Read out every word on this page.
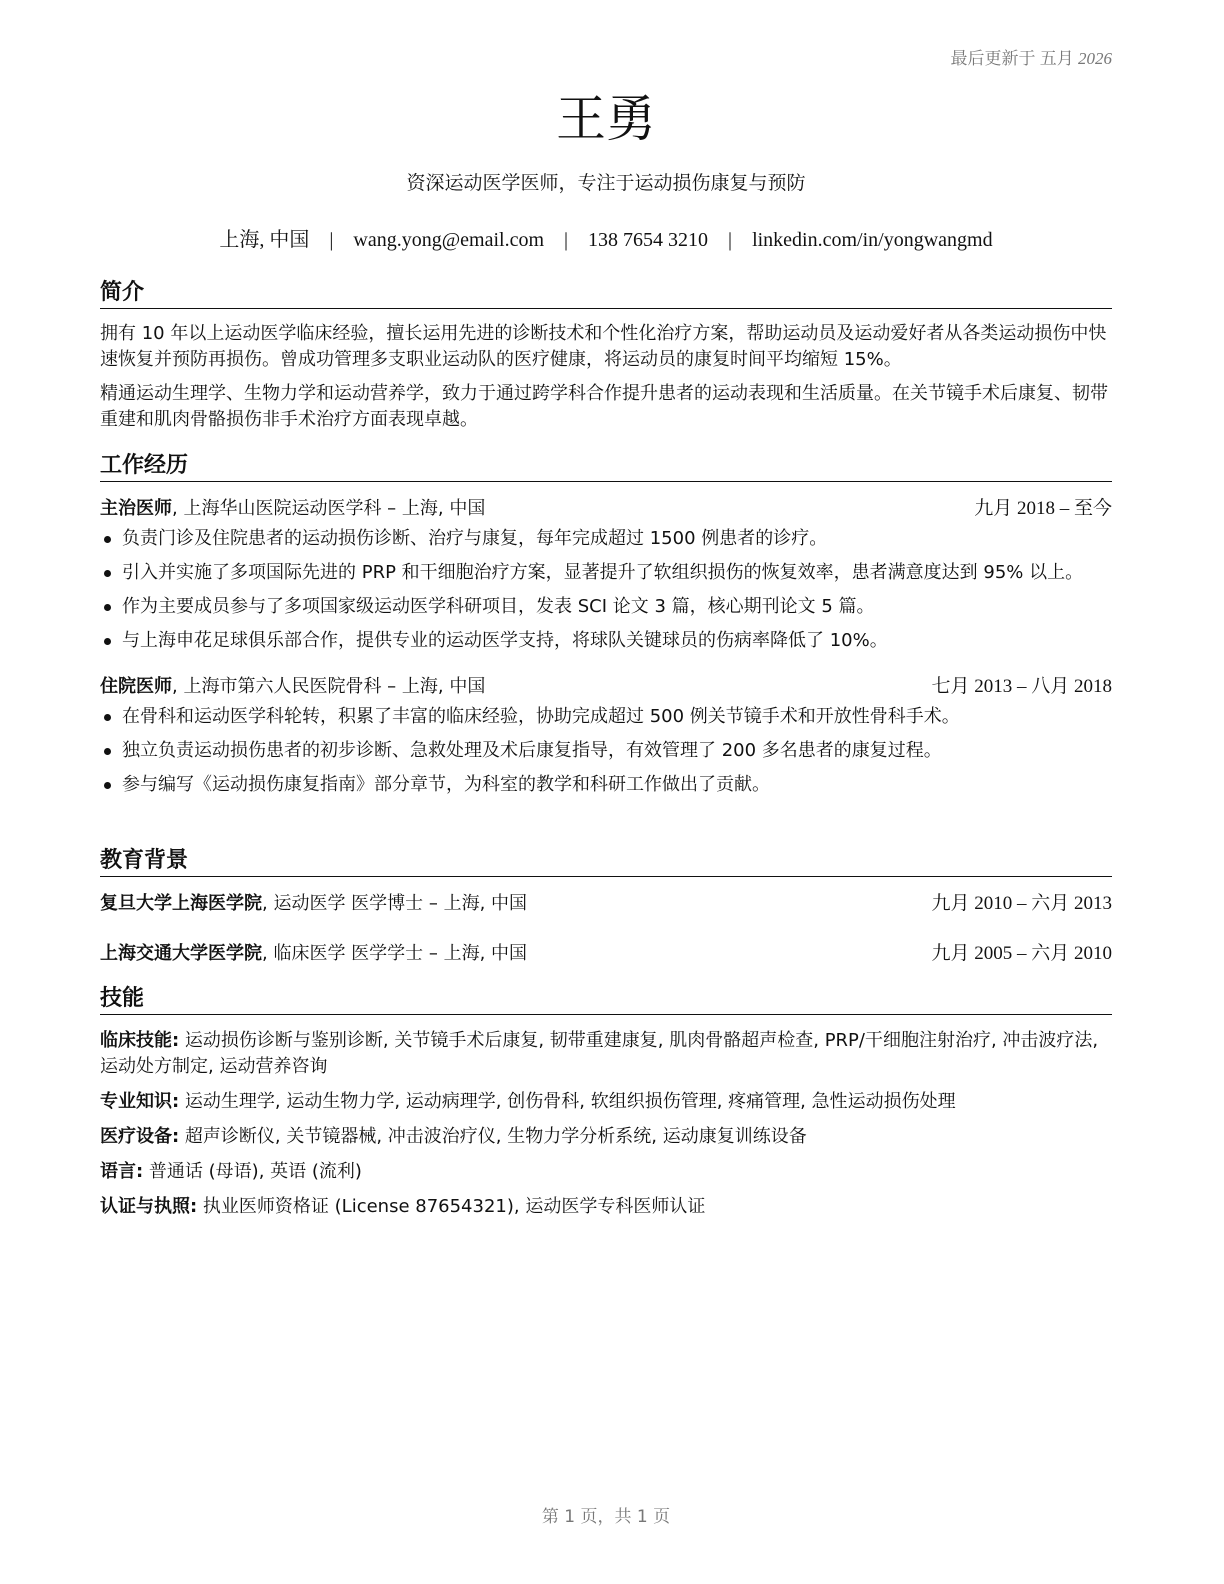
最后更新于 五月 2026
王勇
资深运动医学医师，专注于运动损伤康复与预防
上海, 中国 | wang.yong@email.com | 138 7654 3210 | linkedin.com/in/yongwangmd
简介

拥有 10 年以上运动医学临床经验，擅长运用先进的诊断技术和个性化治疗方案，帮助运动员及运动爱好者从各类运动损伤中快速恢复并预防再损伤。曾成功管理多支职业运动队的医疗健康，将运动员的康复时间平均缩短 15%。

精通运动生理学、生物力学和运动营养学，致力于通过跨学科合作提升患者的运动表现和生活质量。在关节镜手术后康复、韧带重建和肌肉骨骼损伤非手术治疗方面表现卓越。

工作经历
主治医师, 上海华山医院运动医学科 – 上海, 中国	九月 2018 – 至今
负责门诊及住院患者的运动损伤诊断、治疗与康复，每年完成超过 1500 例患者的诊疗。
引入并实施了多项国际先进的 PRP 和干细胞治疗方案，显著提升了软组织损伤的恢复效率，患者满意度达到 95% 以上。
作为主要成员参与了多项国家级运动医学科研项目，发表 SCI 论文 3 篇，核心期刊论文 5 篇。
与上海申花足球俱乐部合作，提供专业的运动医学支持，将球队关键球员的伤病率降低了 10%。
住院医师, 上海市第六人民医院骨科 – 上海, 中国	七月 2013 – 八月 2018
在骨科和运动医学科轮转，积累了丰富的临床经验，协助完成超过 500 例关节镜手术和开放性骨科手术。
独立负责运动损伤患者的初步诊断、急救处理及术后康复指导，有效管理了 200 多名患者的康复过程。
参与编写《运动损伤康复指南》部分章节，为科室的教学和科研工作做出了贡献。
教育背景
复旦大学上海医学院, 运动医学 医学博士 – 上海, 中国	九月 2010 – 六月 2013
上海交通大学医学院, 临床医学 医学学士 – 上海, 中国	九月 2005 – 六月 2010
技能
临床技能: 运动损伤诊断与鉴别诊断, 关节镜手术后康复, 韧带重建康复, 肌肉骨骼超声检查, PRP/干细胞注射治疗, 冲击波疗法, 运动处方制定, 运动营养咨询
专业知识: 运动生理学, 运动生物力学, 运动病理学, 创伤骨科, 软组织损伤管理, 疼痛管理, 急性运动损伤处理
医疗设备: 超声诊断仪, 关节镜器械, 冲击波治疗仪, 生物力学分析系统, 运动康复训练设备
语言: 普通话 (母语), 英语 (流利)
认证与执照: 执业医师资格证 (License 87654321), 运动医学专科医师认证
第 1 页，共 1 页
